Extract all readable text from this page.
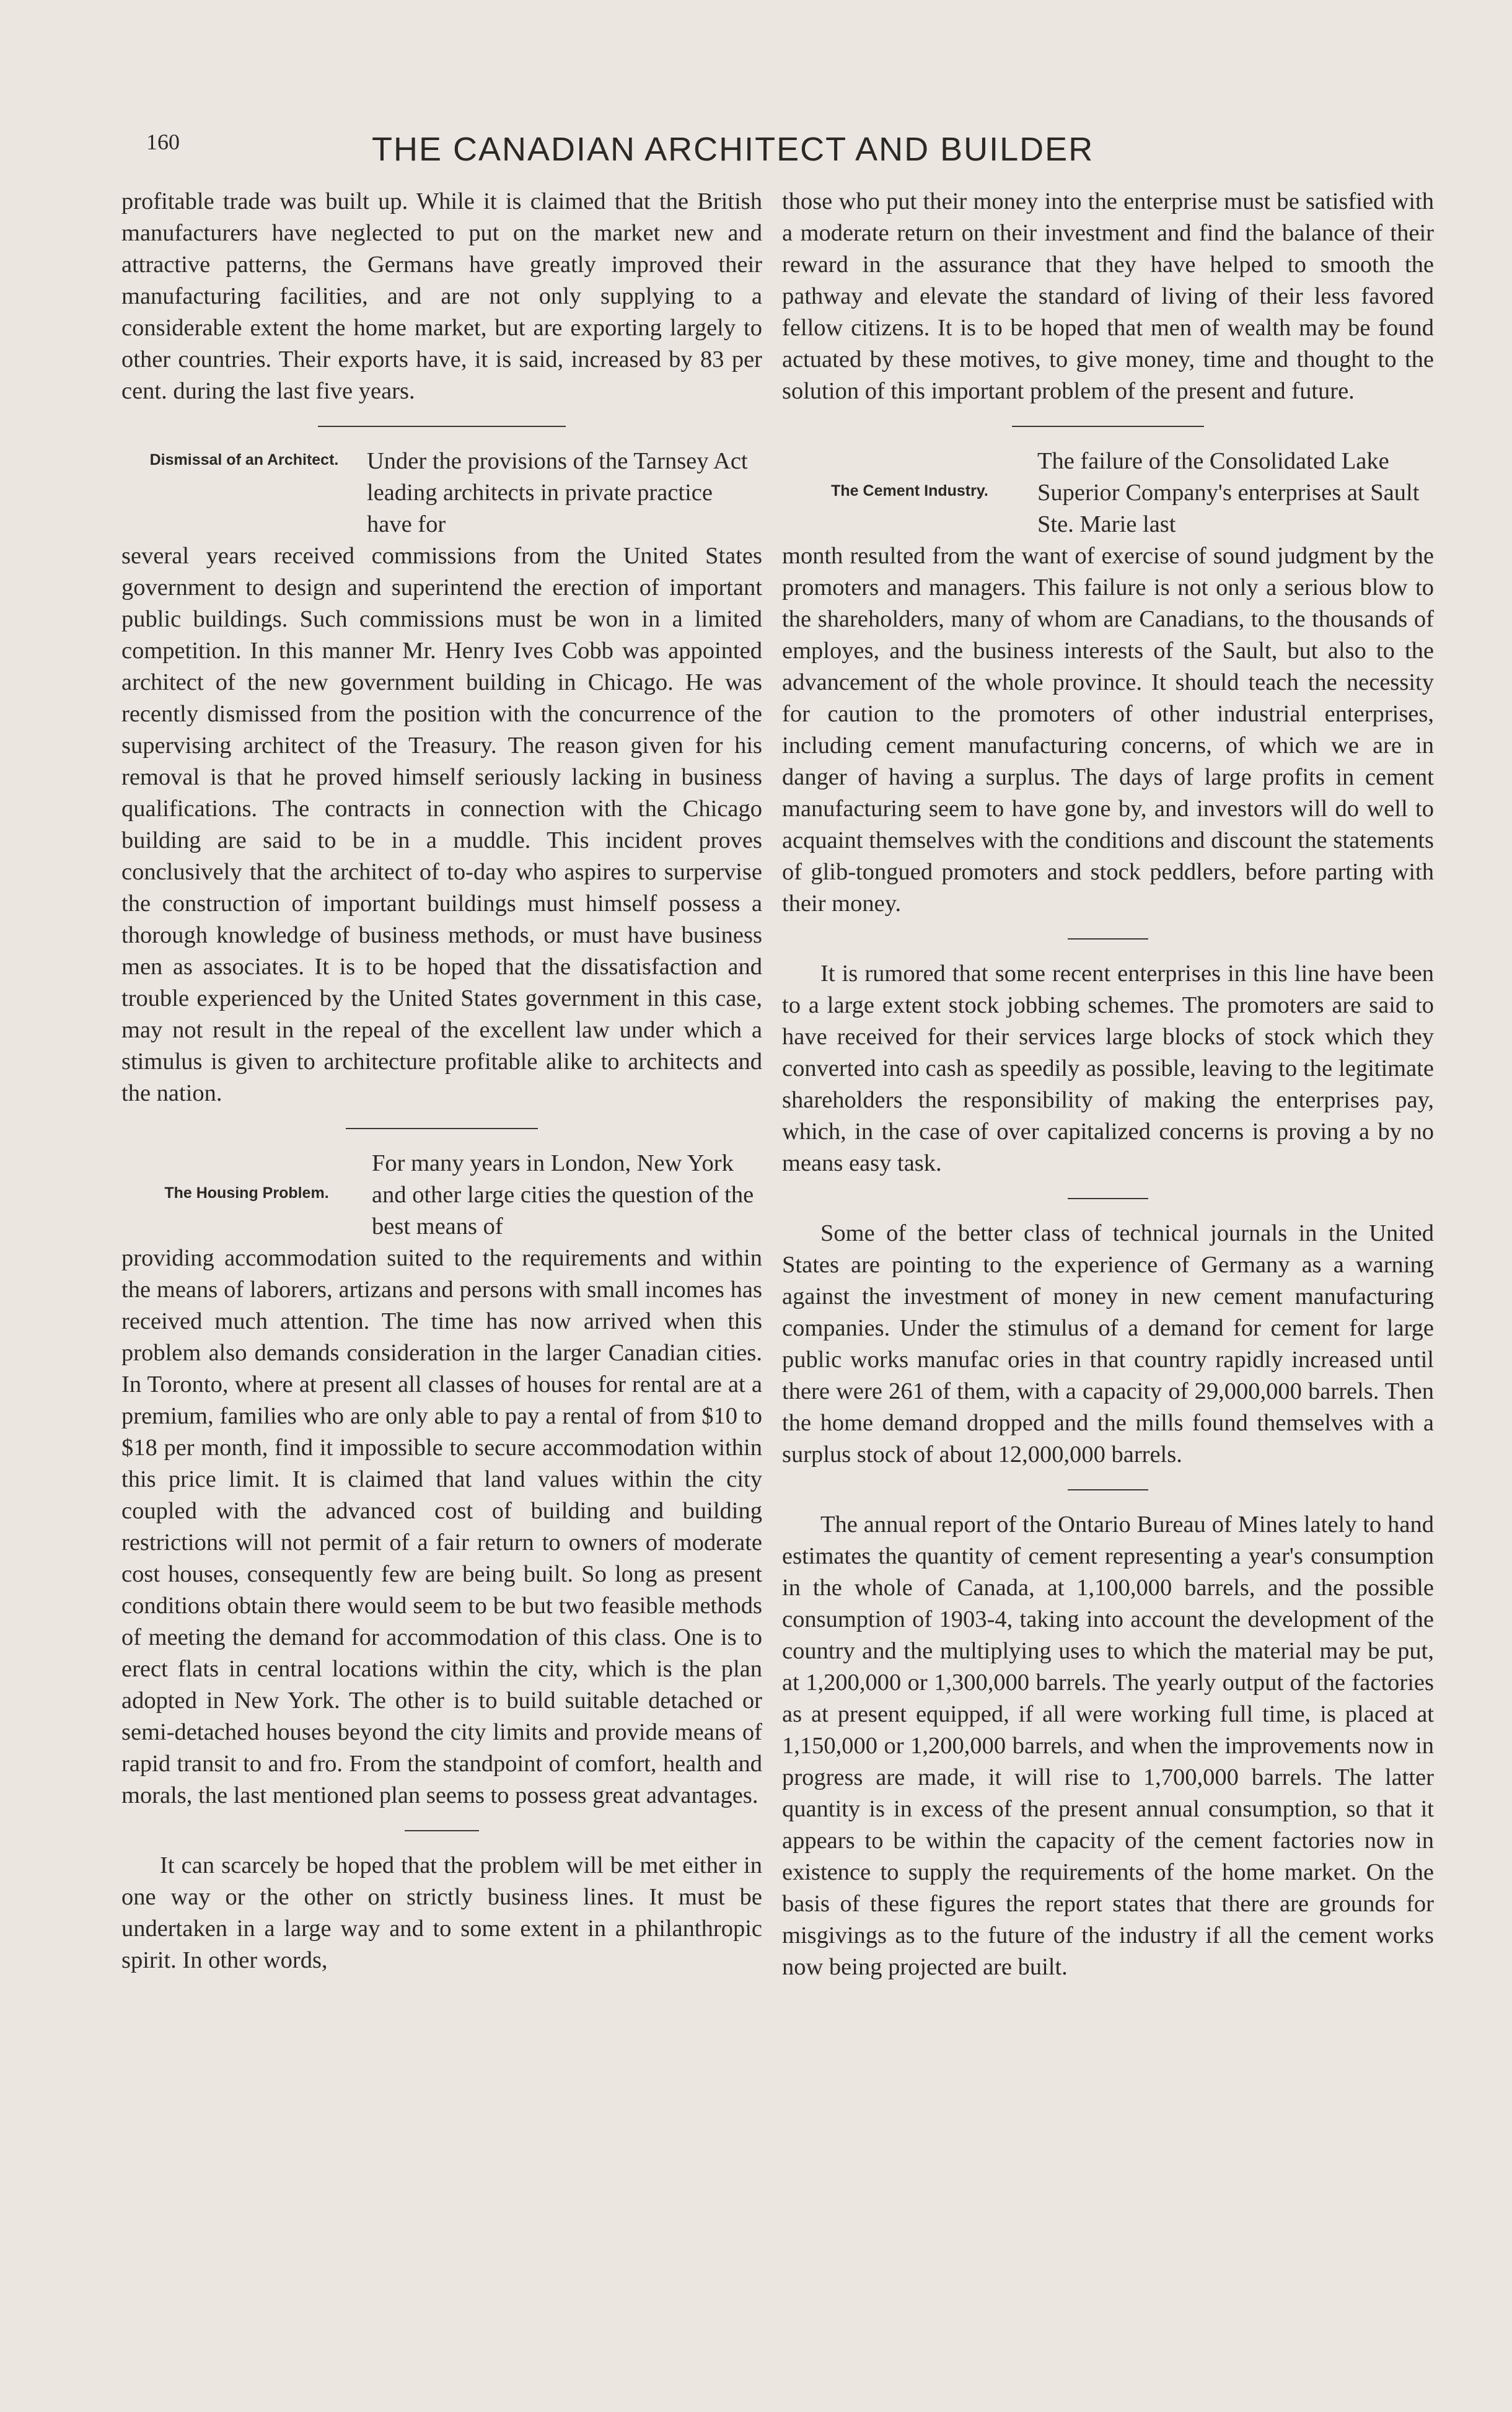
160	THE CANADIAN ARCHITECT AND BUILDER

profitable trade was built up. While it is claimed that the British manufacturers have neglected to put on the market new and attractive patterns, the Germans have greatly improved their manufacturing facilities, and are not only supplying to a considerable extent the home market, but are exporting largely to other countries. Their exports have, it is said, increased by 83 per cent. during the last five years.

Dismissal of an Architect.	Under the provisions of the Tarnsey Act leading architects in private practice have for

several years received commissions from the United States government to design and superintend the erection of important public buildings. Such commissions must be won in a limited competition. In this manner Mr. Henry Ives Cobb was appointed architect of the new government building in Chicago. He was recently dismissed from the position with the concurrence of the supervising architect of the Treasury. The reason given for his removal is that he proved himself seriously lacking in business qualifications. The contracts in connection with the Chicago building are said to be in a muddle. This incident proves conclusively that the architect of to-day who aspires to surpervise the construction of important buildings must himself possess a thorough knowledge of business methods, or must have business men as associates. It is to be hoped that the dissatisfaction and trouble experienced by the United States government in this case, may not result in the repeal of the excellent law under which a stimulus is given to architecture profitable alike to architects and the nation.

The Housing Problem.

For many years in London, New York and other large cities the question of the best means of

providing accommodation suited to the requirements and within the means of laborers, artizans and persons with small incomes has received much attention. The time has now arrived when this problem also demands consideration in the larger Canadian cities. In Toronto, where at present all classes of houses for rental are at a premium, families who are only able to pay a rental of from $10 to $18 per month, find it impossible to secure accommodation within this price limit. It is claimed that land values within the city coupled with the advanced cost of building and building restrictions will not permit of a fair return to owners of moderate cost houses, consequently few are being built. So long as present conditions obtain there would seem to be but two feasible methods of meeting the demand for accommodation of this class. One is to erect flats in central locations within the city, which is the plan adopted in New York. The other is to build suitable detached or semi-detached houses beyond the city limits and provide means of rapid transit to and fro. From the standpoint of comfort, health and morals, the last mentioned plan seems to possess great advantages.

It can scarcely be hoped that the problem will be met either in one way or the other on strictly business lines. It must be undertaken in a large way and to some extent in a philanthropic spirit. In other words,

those who put their money into the enterprise must be satisfied with a moderate return on their investment and find the balance of their reward in the assurance that they have helped to smooth the pathway and elevate the standard of living of their less favored fellow citizens. It is to be hoped that men of wealth may be found actuated by these motives, to give money, time and thought to the solution of this important problem of the present and future.

The Cement Industry.

The failure of the Consolidated Lake Superior Company's enterprises at Sault Ste. Marie last

month resulted from the want of exercise of sound judgment by the promoters and managers. This failure is not only a serious blow to the shareholders, many of whom are Canadians, to the thousands of employes, and the business interests of the Sault, but also to the advancement of the whole province. It should teach the necessity for caution to the promoters of other industrial enterprises, including cement manufacturing concerns, of which we are in danger of having a surplus. The days of large profits in cement manufacturing seem to have gone by, and investors will do well to acquaint themselves with the conditions and discount the statements of glib-tongued promoters and stock peddlers, before parting with their money.

It is rumored that some recent enterprises in this line have been to a large extent stock jobbing schemes. The promoters are said to have received for their services large blocks of stock which they converted into cash as speedily as possible, leaving to the legitimate shareholders the responsibility of making the enterprises pay, which, in the case of over capitalized concerns is proving a by no means easy task.

Some of the better class of technical journals in the United States are pointing to the experience of Germany as a warning against the investment of money in new cement manufacturing companies. Under the stimulus of a demand for cement for large public works manufac ories in that country rapidly increased until there were 261 of them, with a capacity of 29,000,000 barrels. Then the home demand dropped and the mills found themselves with a surplus stock of about 12,000,000 barrels.

The annual report of the Ontario Bureau of Mines lately to hand estimates the quantity of cement representing a year's consumption in the whole of Canada, at 1,100,000 barrels, and the possible consumption of 1903-4, taking into account the development of the country and the multiplying uses to which the material may be put, at 1,200,000 or 1,300,000 barrels. The yearly output of the factories as at present equipped, if all were working full time, is placed at 1,150,000 or 1,200,000 barrels, and when the improvements now in progress are made, it will rise to 1,700,000 barrels. The latter quantity is in excess of the present annual consumption, so that it appears to be within the capacity of the cement factories now in existence to supply the requirements of the home market. On the basis of these figures the report states that there are grounds for misgivings as to the future of the industry if all the cement works now being projected are built.
